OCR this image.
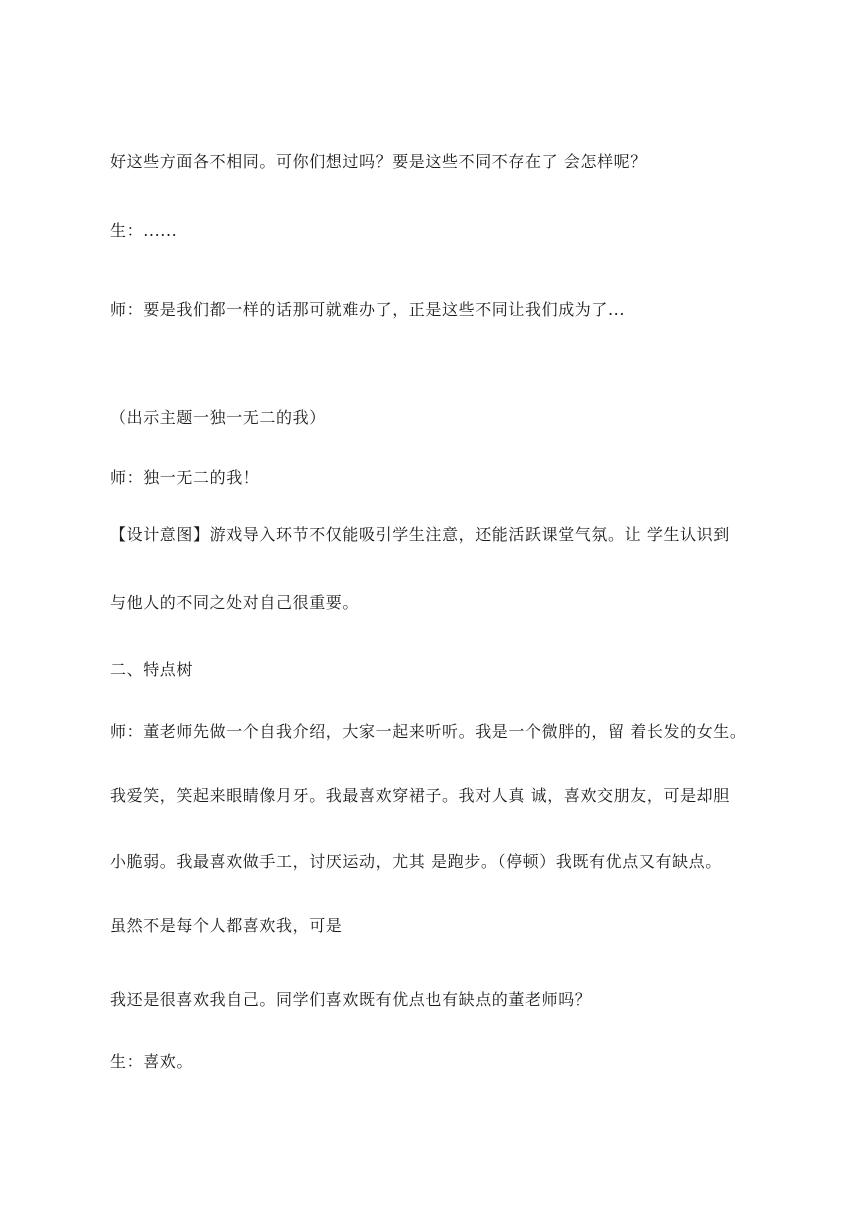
好这些方面各不相同。可你们想过吗？要是这些不同不存在了 会怎样呢？
生：......
师：要是我们都一样的话那可就难办了，正是这些不同让我们成为了...
（出示主题一独一无二的我）
师：独一无二的我！
【设计意图】游戏导入环节不仅能吸引学生注意，还能活跃课堂气氛。让 学生认识到
与他人的不同之处对自己很重要。
二、特点树
师：董老师先做一个自我介绍，大家一起来听听。我是一个微胖的，留 着长发的女生。
我爱笑，笑起来眼睛像月牙。我最喜欢穿裙子。我对人真 诚，喜欢交朋友，可是却胆
小脆弱。我最喜欢做手工，讨厌运动，尤其 是跑步。（停顿）我既有优点又有缺点。
虽然不是每个人都喜欢我，可是
我还是很喜欢我自己。同学们喜欢既有优点也有缺点的董老师吗？
生：喜欢。
